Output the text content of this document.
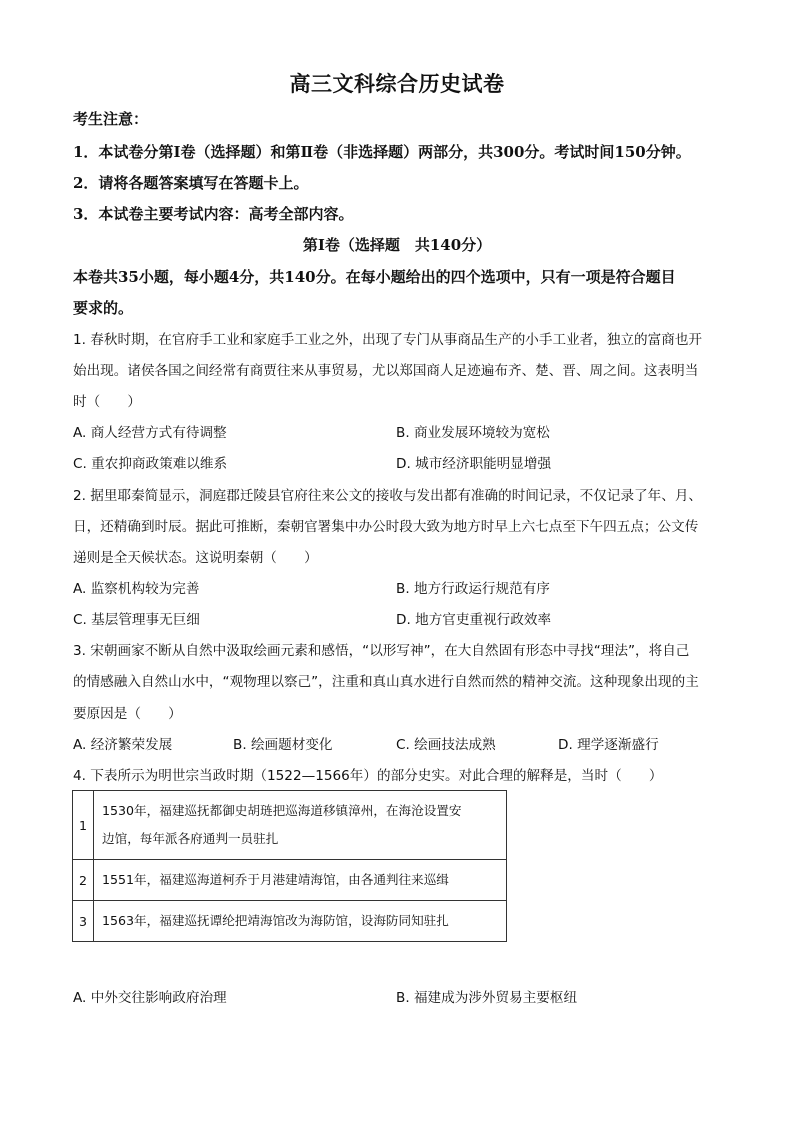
高三文科综合历史试卷
考生注意：
1．本试卷分第Ⅰ卷（选择题）和第Ⅱ卷（非选择题）两部分，共300分。考试时间150分钟。
2．请将各题答案填写在答题卡上。
3．本试卷主要考试内容：高考全部内容。
第Ⅰ卷（选择题　共140分）
本卷共35小题，每小题4分，共140分。在每小题给出的四个选项中，只有一项是符合题目
要求的。
1. 春秋时期，在官府手工业和家庭手工业之外，出现了专门从事商品生产的小手工业者，独立的富商也开
始出现。诸侯各国之间经常有商贾往来从事贸易，尤以郑国商人足迹遍布齐、楚、晋、周之间。这表明当
时（　　）
A. 商人经营方式有待调整	B. 商业发展环境较为宽松
C. 重农抑商政策难以维系	D. 城市经济职能明显增强
2. 据里耶秦简显示，洞庭郡迁陵县官府往来公文的接收与发出都有准确的时间记录，不仅记录了年、月、
日，还精确到时辰。据此可推断，秦朝官署集中办公时段大致为地方时早上六七点至下午四五点；公文传
递则是全天候状态。这说明秦朝（　　）
A. 监察机构较为完善	B. 地方行政运行规范有序
C. 基层管理事无巨细	D. 地方官吏重视行政效率
3. 宋朝画家不断从自然中汲取绘画元素和感悟，“以形写神”，在大自然固有形态中寻找“理法”，将自己
的情感融入自然山水中，“观物理以察己”，注重和真山真水进行自然而然的精神交流。这种现象出现的主
要原因是（　　）
A. 经济繁荣发展	B. 绘画题材变化	C. 绘画技法成熟	D. 理学逐渐盛行
4. 下表所示为明世宗当政时期（1522—1566年）的部分史实。对此合理的解释是，当时（　　）
1	1530年，福建巡抚都御史胡琏把巡海道移镇漳州，在海沧设置安
边馆，每年派各府通判一员驻扎

2	1551年，福建巡海道柯乔于月港建靖海馆，由各通判往来巡缉

3	1563年，福建巡抚谭纶把靖海馆改为海防馆，设海防同知驻扎
A. 中外交往影响政府治理	B. 福建成为涉外贸易主要枢纽
